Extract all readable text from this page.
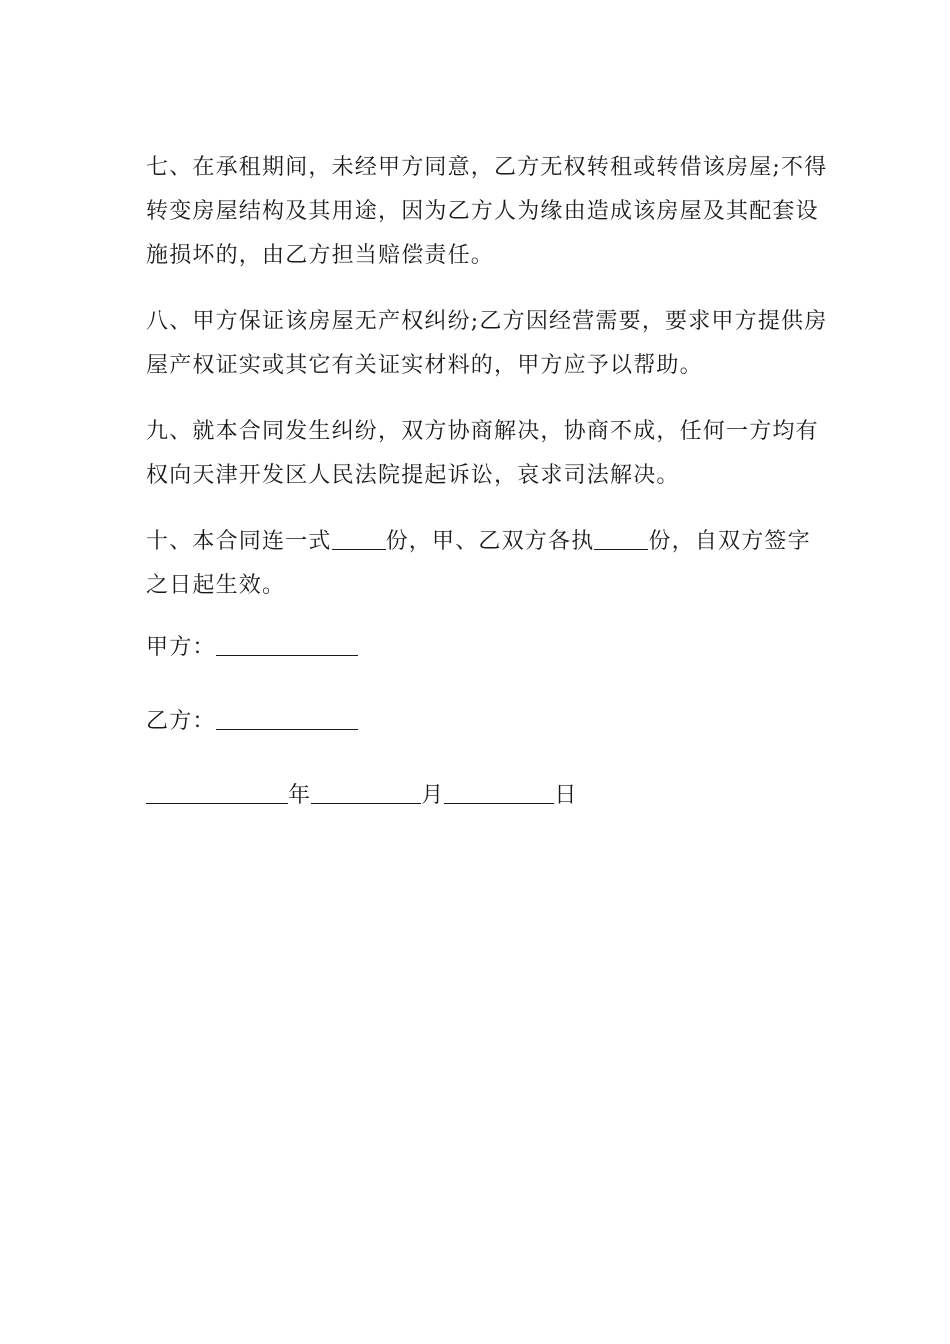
七、在承租期间，未经甲方同意，乙方无权转租或转借该房屋;不得
转变房屋结构及其用途，因为乙方人为缘由造成该房屋及其配套设
施损坏的，由乙方担当赔偿责任。
八、甲方保证该房屋无产权纠纷;乙方因经营需要，要求甲方提供房
屋产权证实或其它有关证实材料的，甲方应予以帮助。
九、就本合同发生纠纷，双方协商解决，协商不成，任何一方均有
权向天津开发区人民法院提起诉讼，哀求司法解决。
十、本合同连一式 份，甲、乙双方各执 份，自双方签字
之日起生效。
甲方：
乙方：
年	月	日
